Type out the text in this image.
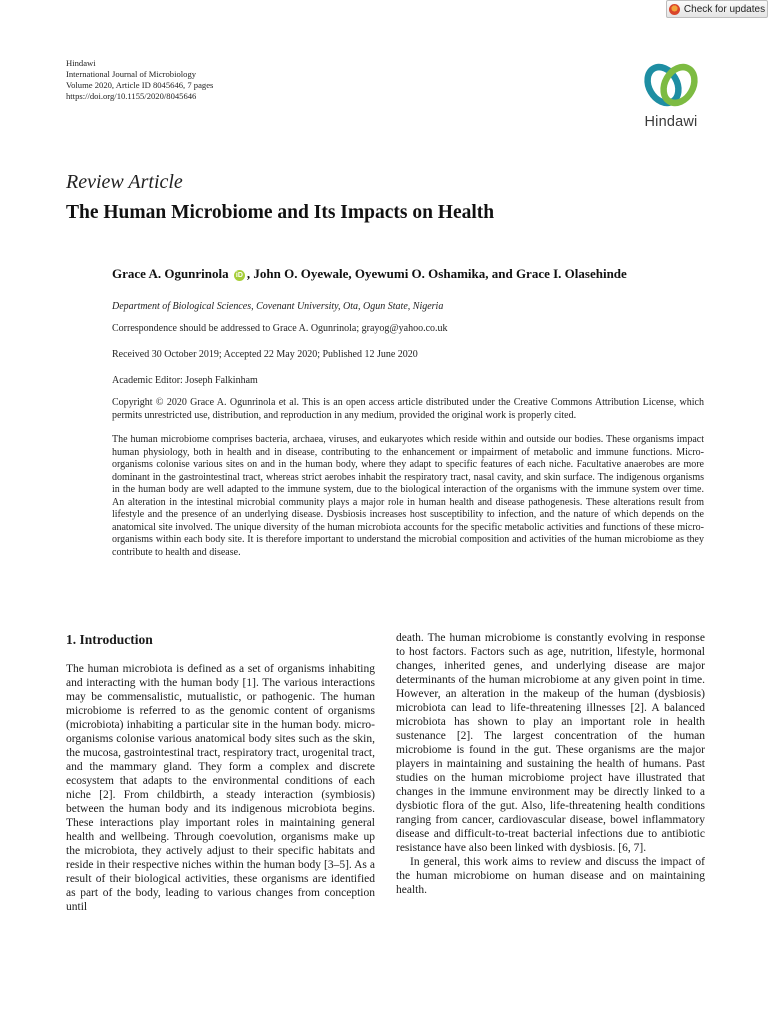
Check for updates
Hindawi
International Journal of Microbiology
Volume 2020, Article ID 8045646, 7 pages
https://doi.org/10.1155/2020/8045646
Hindawi
Review Article
The Human Microbiome and Its Impacts on Health
Grace A. Ogunrinola iD , John O. Oyewale, Oyewumi O. Oshamika, and Grace I. Olasehinde
Department of Biological Sciences, Covenant University, Ota, Ogun State, Nigeria
Correspondence should be addressed to Grace A. Ogunrinola; grayog@yahoo.co.uk
Received 30 October 2019; Accepted 22 May 2020; Published 12 June 2020
Academic Editor: Joseph Falkinham
Copyright © 2020 Grace A. Ogunrinola et al. This is an open access article distributed under the Creative Commons Attribution License, which permits unrestricted use, distribution, and reproduction in any medium, provided the original work is properly cited.
The human microbiome comprises bacteria, archaea, viruses, and eukaryotes which reside within and outside our bodies. These organisms impact human physiology, both in health and in disease, contributing to the enhancement or impairment of metabolic and immune functions. Micro-organisms colonise various sites on and in the human body, where they adapt to specific features of each niche. Facultative anaerobes are more dominant in the gastrointestinal tract, whereas strict aerobes inhabit the respiratory tract, nasal cavity, and skin surface. The indigenous organisms in the human body are well adapted to the immune system, due to the biological interaction of the organisms with the immune system over time. An alteration in the intestinal microbial community plays a major role in human health and disease pathogenesis. These alterations result from lifestyle and the presence of an underlying disease. Dysbiosis increases host susceptibility to infection, and the nature of which depends on the anatomical site involved. The unique diversity of the human microbiota accounts for the specific metabolic activities and functions of these micro-organisms within each body site. It is therefore important to understand the microbial composition and activities of the human microbiome as they contribute to health and disease.
1. Introduction

The human microbiota is defined as a set of organisms inhabiting and interacting with the human body [1]. The various interactions may be commensalistic, mutualistic, or pathogenic. The human microbiome is referred to as the genomic content of organisms (microbiota) inhabiting a particular site in the human body. micro-organisms colonise various anatomical body sites such as the skin, the mucosa, gastrointestinal tract, respiratory tract, urogenital tract, and the mammary gland. They form a complex and discrete ecosystem that adapts to the environmental conditions of each niche [2]. From childbirth, a steady interaction (symbiosis) between the human body and its indigenous microbiota begins. These interactions play important roles in maintaining general health and wellbeing. Through coevolution, organisms make up the microbiota, they actively adjust to their specific habitats and reside in their respective niches within the human body [3–5]. As a result of their biological activities, these organisms are identified as part of the body, leading to various changes from conception until

death. The human microbiome is constantly evolving in response to host factors. Factors such as age, nutrition, lifestyle, hormonal changes, inherited genes, and underlying disease are major determinants of the human microbiome at any given point in time. However, an alteration in the makeup of the human (dysbiosis) microbiota can lead to life-threatening illnesses [2]. A balanced microbiota has shown to play an important role in health sustenance [2]. The largest concentration of the human microbiome is found in the gut. These organisms are the major players in maintaining and sustaining the health of humans. Past studies on the human microbiome project have illustrated that changes in the immune environment may be directly linked to a dysbiotic flora of the gut. Also, life-threatening health conditions ranging from cancer, cardiovascular disease, bowel inflammatory disease and difficult-to-treat bacterial infections due to antibiotic resistance have also been linked with dysbiosis. [6, 7].

In general, this work aims to review and discuss the impact of the human microbiome on human disease and on maintaining health.
